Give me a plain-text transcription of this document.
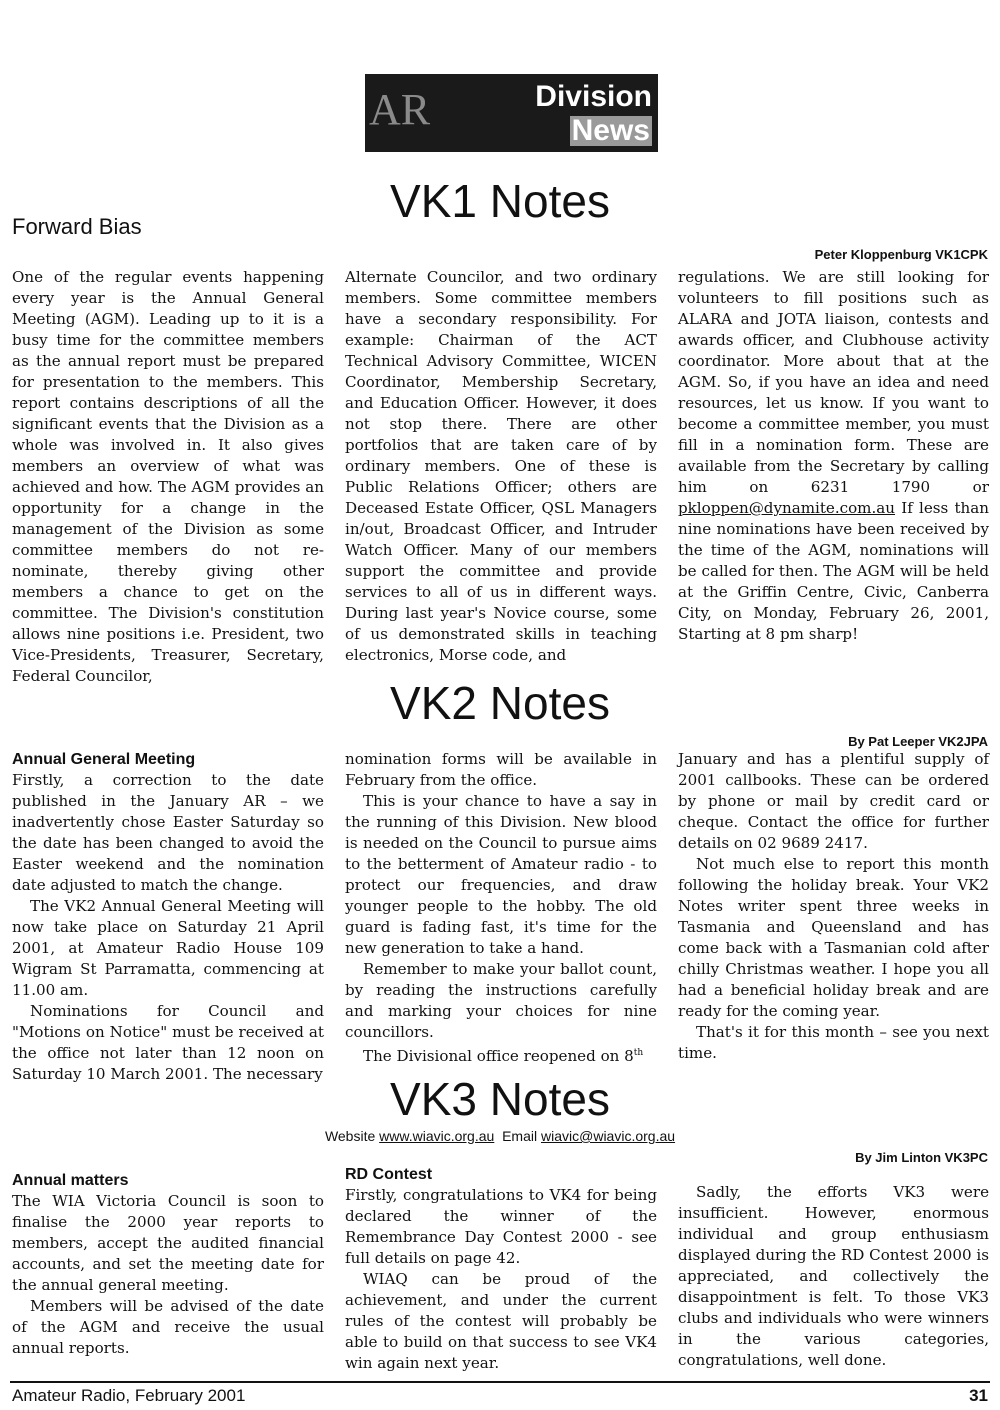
AR	Division
News
VK1 Notes
Forward Bias
Peter Kloppenburg VK1CPK

One of the regular events happening every year is the Annual General Meeting (AGM). Leading up to it is a busy time for the committee members as the annual report must be prepared for presentation to the members. This report contains descriptions of all the significant events that the Division as a whole was involved in. It also gives members an overview of what was achieved and how. The AGM provides an opportunity for a change in the management of the Division as some committee members do not re-nominate, thereby giving other members a chance to get on the committee. The Division's constitution allows nine positions i.e. President, two Vice-Presidents, Treasurer, Secretary, Federal Councilor,

Alternate Councilor, and two ordinary members. Some committee members have a secondary responsibility. For example: Chairman of the ACT Technical Advisory Committee, WICEN Coordinator, Membership Secretary, and Education Officer. However, it does not stop there. There are other portfolios that are taken care of by ordinary members. One of these is Public Relations Officer; others are Deceased Estate Officer, QSL Managers in/out, Broadcast Officer, and Intruder Watch Officer. Many of our members support the committee and provide services to all of us in different ways. During last year's Novice course, some of us demonstrated skills in teaching electronics, Morse code, and

regulations. We are still looking for volunteers to fill positions such as ALARA and JOTA liaison, contests and awards officer, and Clubhouse activity coordinator. More about that at the AGM. So, if you have an idea and need resources, let us know. If you want to become a committee member, you must fill in a nomination form. These are available from the Secretary by calling him on 6231 1790 or pkloppen@dynamite.com.au If less than nine nominations have been received by the time of the AGM, nominations will be called for then. The AGM will be held at the Griffin Centre, Civic, Canberra City, on Monday, February 26, 2001, Starting at 8 pm sharp!

VK2 Notes
By Pat Leeper VK2JPA

Annual General Meeting

Firstly, a correction to the date published in the January AR – we inadvertently chose Easter Saturday so the date has been changed to avoid the Easter weekend and the nomination date adjusted to match the change.

The VK2 Annual General Meeting will now take place on Saturday 21 April 2001, at Amateur Radio House 109 Wigram St Parramatta, commencing at 11.00 am.

Nominations for Council and "Motions on Notice" must be received at the office not later than 12 noon on Saturday 10 March 2001. The necessary

nomination forms will be available in February from the office.

This is your chance to have a say in the running of this Division. New blood is needed on the Council to pursue aims to the betterment of Amateur radio - to protect our frequencies, and draw younger people to the hobby. The old guard is fading fast, it's time for the new generation to take a hand.

Remember to make your ballot count, by reading the instructions carefully and marking your choices for nine councillors.

The Divisional office reopened on 8th

January and has a plentiful supply of 2001 callbooks. These can be ordered by phone or mail by credit card or cheque. Contact the office for further details on 02 9689 2417.

Not much else to report this month following the holiday break. Your VK2 Notes writer spent three weeks in Tasmania and Queensland and has come back with a Tasmanian cold after chilly Christmas weather. I hope you all had a beneficial holiday break and are ready for the coming year.

That's it for this month – see you next time.

VK3 Notes
Website www.wiavic.org.au Email wiavic@wiavic.org.au
By Jim Linton VK3PC

Annual matters

The WIA Victoria Council is soon to finalise the 2000 year reports to members, accept the audited financial accounts, and set the meeting date for the annual general meeting.

Members will be advised of the date of the AGM and receive the usual annual reports.

RD Contest

Firstly, congratulations to VK4 for being declared the winner of the Remembrance Day Contest 2000 - see full details on page 42.

WIAQ can be proud of the achievement, and under the current rules of the contest will probably be able to build on that success to see VK4 win again next year.

Sadly, the efforts VK3 were insufficient. However, enormous individual and group enthusiasm displayed during the RD Contest 2000 is appreciated, and collectively the disappointment is felt. To those VK3 clubs and individuals who were winners in the various categories, congratulations, well done.

Amateur Radio, February 2001	31
